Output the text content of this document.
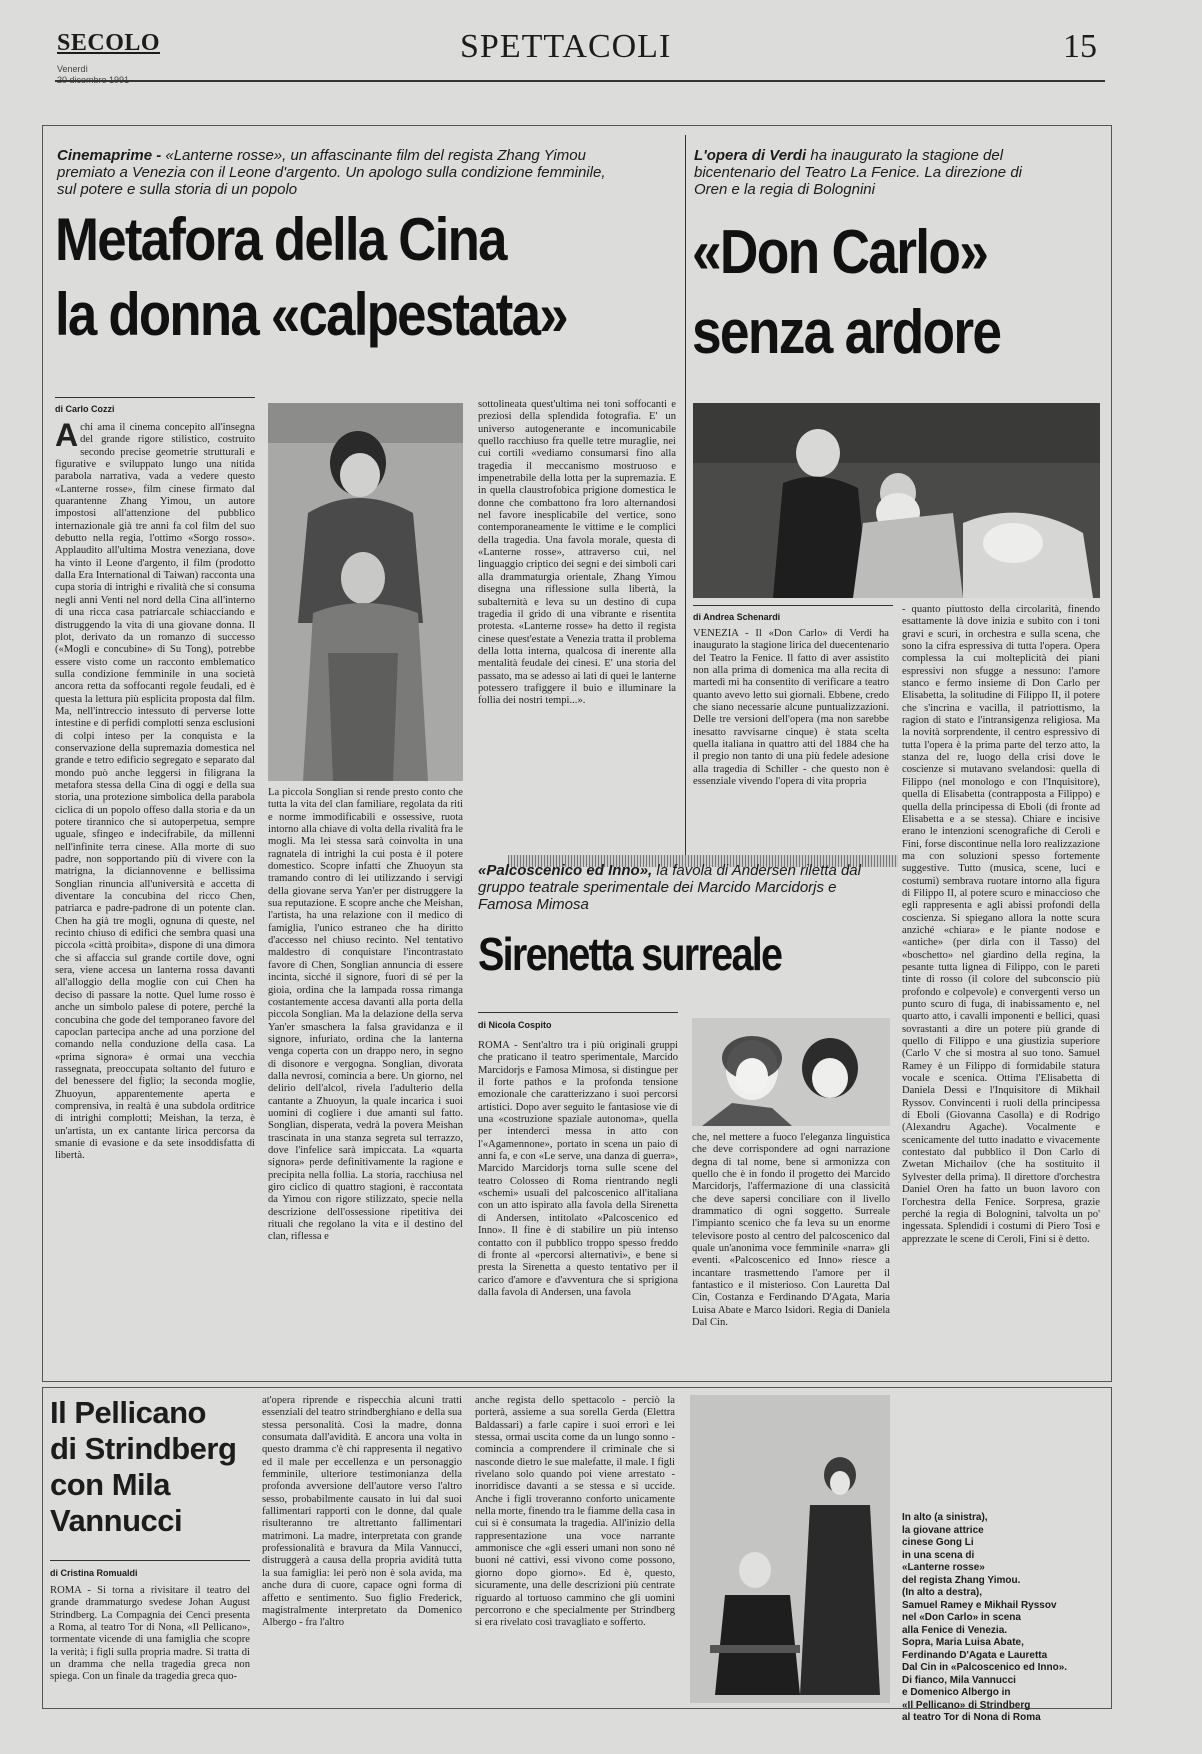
SECOLO
Venerdì
SPETTACOLI	15
Cinemaprime - «Lanterne rosse», un affascinante film del regista Zhang Yimou premiato a Venezia con il Leone d'argento. Un apologo sulla condizione femminile, sul potere e sulla storia di un popolo
Metafora della Cina
la donna «calpestata»
di Carlo Cozzi
A chi ama il cinema concepito all'insegna del grande rigore stilistico, costruito secondo precise geometrie strutturali e figurative e sviluppato lungo una nitida parabola narrativa, vada a vedere questo «Lanterne rosse», film cinese firmato dal quarantenne Zhang Yimou, un autore impostosi all'attenzione del pubblico internazionale già tre anni fa col film del suo debutto nella regia, l'ottimo «Sorgo rosso». Applaudito all'ultima Mostra veneziana, dove ha vinto il Leone d'argento, il film (prodotto dalla Era International di Taiwan) racconta una cupa storia di intrighi e rivalità che si consuma negli anni Venti nel nord della Cina all'interno di una ricca casa patriarcale schiacciando e distruggendo la vita di una giovane donna. Il plot, derivato da un romanzo di successo («Mogli e concubine» di Su Tong), potrebbe essere visto come un racconto emblematico sulla condizione femminile in una società ancora retta da soffocanti regole feudali, ed è questa la lettura più esplicita proposta dal film. Ma, nell'intreccio intessuto di perverse lotte intestine e di perfidi complotti senza esclusioni di colpi inteso per la conquista e la conservazione della supremazia domestica nel grande e tetro edificio segregato e separato dal mondo può anche leggersi in filigrana la metafora stessa della Cina di oggi e della sua storia, una protezione simbolica della parabola ciclica di un popolo offeso dalla storia e da un potere tirannico che si autoperpetua, sempre uguale, sfingeo e indecifrabile, da millenni nell'infinite terra cinese. Alla morte di suo padre, non sopportando più di vivere con la matrigna, la diciannovenne e bellissima Songlian rinuncia all'università e accetta di diventare la concubina del ricco Chen, patriarca e padre-padrone di un potente clan. Chen ha già tre mogli, ognuna di queste, nel recinto chiuso di edifici che sembra quasi una piccola «città proibita», dispone di una dimora che si affaccia sul grande cortile dove, ogni sera, viene accesa un lanterna rossa davanti all'alloggio della moglie con cui Chen ha deciso di passare la notte. Quel lume rosso è anche un simbolo palese di potere, perché la concubina che gode del temporaneo favore del capoclan partecipa anche ad una porzione del comando nella conduzione della casa. La «prima signora» è ormai una vecchia rassegnata, preoccupata soltanto del futuro e del benessere del figlio; la seconda moglie, Zhuoyun, apparentemente aperta e comprensiva, in realtà è una subdola orditrice di intrighi complotti; Meishan, la terza, è un'artista, un ex cantante lirica percorsa da smanie di evasione e da sete insoddisfatta di libertà.
La piccola Songlian si rende presto conto che tutta la vita del clan familiare, regolata da riti e norme immodificabili e ossessive, ruota intorno alla chiave di volta della rivalità fra le mogli. Ma lei stessa sarà coinvolta in una ragnatela di intrighi la cui posta è il potere domestico. Scopre infatti che Zhuoyun sta tramando contro di lei utilizzando i servigi della giovane serva Yan'er per distruggere la sua reputazione. E scopre anche che Meishan, l'artista, ha una relazione con il medico di famiglia, l'unico estraneo che ha diritto d'accesso nel chiuso recinto. Nel tentativo maldestro di conquistare l'incontrastato favore di Chen, Songlian annuncia di essere incinta, sicché il signore, fuori di sé per la gioia, ordina che la lampada rossa rimanga costantemente accesa davanti alla porta della piccola Songlian. Ma la delazione della serva Yan'er smaschera la falsa gravidanza e il signore, infuriato, ordina che la lanterna venga coperta con un drappo nero, in segno di disonore e vergogna. Songlian, divorata dalla nevrosi, comincia a bere. Un giorno, nel delirio dell'alcol, rivela l'adulterio della cantante a Zhuoyun, la quale incarica i suoi uomini di coglierе i due amanti sul fatto. Songlian, disperata, vedrà la povera Meishan trascinata in una stanza segreta sul terrazzo, dove l'infelice sarà impiccata. La «quarta signora» perde definitivamente la ragione e precipita nella follia. La storia, racchiusa nel giro ciclico di quattro stagioni, è raccontata da Yimou con rigore stilizzato, specie nella descrizione dell'ossessione ripetitiva dei rituali che regolano la vita e il destino del clan, riflessa e
sottolineata quest'ultima nei toni soffocanti e preziosi della splendida fotografia. E' un universo autogenerante e incomunicabile quello racchiuso fra quelle tetre muraglie, nei cui cortili «vediamo consumarsi fino alla tragedia il meccanismo mostruoso e impenetrabile della lotta per la supremazia. E in quella claustrofobica prigione domestica le donne che combattono fra loro alternandosi nel favore inesplicabile del vertice, sono contemporaneamente le vittime e le complici della tragedia. Una favola morale, questa di «Lanterne rosse», attraverso cui, nel linguaggio criptico dei segni e dei simboli cari alla drammaturgia orientale, Zhang Yimou disegna una riflessione sulla libertà, la subalternità e leva su un destino di cupa tragedia il grido di una vibrante e risentita protesta. «Lanterne rosse» ha detto il regista cinese quest'estate a Venezia tratta il problema della lotta interna, qualcosa di inerente alla mentalità feudale dei cinesi. E' una storia del passato, ma se adesso ai lati di quei le lanterne potessero trafiggere il buio e illuminare la follia dei nostri tempi...».
L'opera di Verdi ha inaugurato la stagione del bicentenario del Teatro La Fenice. La direzione di Oren e la regia di Bolognini
«Don Carlo»
senza ardore
di Andrea Schenardi
VENEZIA - Il «Don Carlo» di Verdi ha inaugurato la stagione lirica del duecentenario del Teatro la Fenice. Il fatto di aver assistito non alla prima di domenica ma alla recita di martedì mi ha consentito di verificare a teatro quanto avevo letto sui giornali. Ebbene, credo che siano necessarie alcune puntualizzazioni. Delle tre versioni dell'opera (ma non sarebbe inesatto ravvisarne cinque) è stata scelta quella italiana in quattro atti del 1884 che ha il pregio non tanto di una più fedele adesione alla tragedia di Schiller - che questo non è essenziale vivendo l'opera di vita propria
- quanto piuttosto della circolarità, finendo esattamente là dove inizia e subito con i toni gravi e scuri, in orchestra e sulla scena, che sono la cifra espressiva di tutta l'opera. Opera complessa la cui molteplicità dei piani espressivi non sfugge a nessuno: l'amore stanco e fermo insieme di Don Carlo per Elisabetta, la solitudine di Filippo II, il potere che s'incrina e vacilla, il patriottismo, la ragion di stato e l'intransigenza religiosa. Ma la novità sorprendente, il centro espressivo di tutta l'opera è la prima parte del terzo atto, la stanza del re, luogo della crisi dove le coscienze si mutavano svelandosi: quella di Filippo (nel monologo e con l'Inquisitore), quella di Elisabetta (contrapposta a Filippo) e quella della principessa di Eboli (di fronte ad Elisabetta e a se stessa). Chiare e incisive erano le intenzioni scenografiche di Ceroli e Fini, forse discontinue nella loro realizzazione ma con soluzioni spesso fortemente suggestive. Tutto (musica, scene, luci e costumi) sembrava ruotare intorno alla figura di Filippo II, al potere scuro e minaccioso che egli rappresenta e agli abissi profondi della coscienza. Si spiegano allora la notte scura anziché «chiara» e le piante nodose e «antiche» (per dirla con il Tasso) del «boschetto» nel giardino della regina, la pesante tutta lignea di Filippo, con le pareti tinte di rosso (il colore del subconscio più profondo e colpevole) e convergenti verso un punto scuro di fuga, di inabissamento e, nel quarto atto, i cavalli imponenti e bellici, quasi sovrastanti a dire un potere più grande di quello di Filippo e una giustizia superiore (Carlo V che si mostra al suo tono. Samuel Ramey è un Filippo di formidabile statura vocale e scenica. Ottima l'Elisabetta di Daniela Dessì e l'Inquisitore di Mikhail Ryssov. Convincenti i ruoli della principessa di Eboli (Giovanna Casolla) e di Rodrigo (Alexandru Agache). Vocalmente e scenicamente del tutto inadatto e vivacemente contestato dal pubblico il Don Carlo di Zwetan Michailov (che ha sostituito il Sylvester della prima). Il direttore d'orchestra Daniel Oren ha fatto un buon lavoro con l'orchestra della Fenice. Sorpresa, grazie perché la regia di Bolognini, talvolta un po' ingessata. Splendidi i costumi di Piero Tosi e apprezzate le scene di Ceroli, Fini si è detto.
«Palcoscenico ed Inno», la favola di Andersen riletta dal gruppo teatrale sperimentale dei Marcido Marcidorjs e Famosa Mimosa
Sirenetta surreale
di Nicola Cospito
ROMA - Sent'altro tra i più originali gruppi che praticano il teatro sperimentale, Marcido Marcidorjs e Famosa Mimosa, si distingue per il forte pathos e la profonda tensione emozionale che caratterizzano i suoi percorsi artistici. Dopo aver seguito le fantasiose vie di una «costruzione spaziale autonoma», quella per intenderci messa in atto con l'«Agamennone», portato in scena un paio di anni fa, e con «Le serve, una danza di guerra», Marcido Marcidorjs torna sulle scene del teatro Colosseo di Roma rientrando negli «schemi» usuali del palcoscenico all'italiana con un atto ispirato alla favola della Sirenetta di Andersen, intitolato «Palcoscenico ed Inno». Il fine è di stabilire un più intenso contatto con il pubblico troppo spesso freddo di fronte al «percorsi alternativi», e bene si presta la Sirenetta a questo tentativo per il carico d'amore e d'avventura che si sprigiona dalla favola di Andersen, una favola
che, nel mettere a fuoco l'eleganza linguistica che deve corrispondere ad ogni narrazione degna di tal nome, bene si armonizza con quello che è in fondo il progetto dei Marcido Marcidorjs, l'affermazione di una classicità che deve sapersi conciliare con il livello drammatico di ogni soggetto. Surreale l'impianto scenico che fa leva su un enorme televisore posto al centro del palcoscenico dal quale un'anonima voce femminile «narra» gli eventi. «Palcoscenico ed Inno» riesce a incantare trasmettendo l'amore per il fantastico e il misterioso. Con Lauretta Dal Cin, Costanza e Ferdinando D'Agata, Maria Luisa Abate e Marco Isidori. Regia di Daniela Dal Cin.
Il Pellicano
di Strindberg
con Mila
Vannucci
di Cristina Romualdi
ROMA - Si torna a rivisitare il teatro del grande drammaturgo svedese Johan August Strindberg. La Compagnia dei Cenci presenta a Roma, al teatro Tor di Nona, «Il Pellicano», tormentate vicende di una famiglia che scopre la verità; i figli sulla propria madre. Si tratta di un dramma che nella tragedia greca non spiega. Con un finale da tragedia greca quo-
at'opera riprende e rispecchia alcuni tratti essenziali del teatro strindberghiano e della sua stessa personalità. Così la madre, donna consumata dall'avidità. E ancora una volta in questo dramma c'è chi rappresenta il negativo ed il male per eccellenza e un personaggio femminile, ulteriore testimonianza della profonda avversione dell'autore verso l'altro sesso, probabilmente causato in lui dal suoi fallimentari rapporti con le donne, dal quale risulteranno tre altrettanto fallimentari matrimoni. La madre, interpretata con grande professionalità e bravura da Mila Vannucci, distruggerà a causa della propria avidità tutta la sua famiglia: lei però non è sola avida, ma anche dura di cuore, capace ogni forma di affetto e sentimento. Suo figlio Frederick, magistralmente interpretato da Domenico Albergo - fra l'altro
anche regista dello spettacolo - perciò la porterà, assieme a sua sorella Gerda (Elettra Baldassari) a farle capire i suoi errori e lei stessa, ormai uscita come da un lungo sonno - comincia a comprendere il criminale che si nasconde dietro le sue malefatte, il male. I figli rivelano solo quando poi viene arrestato - inorridisce davanti a se stessa e si uccide. Anche i figli troveranno conforto unicamente nella morte, finendo tra le fiamme della casa in cui si è consumata la tragedia. All'inizio della rappresentazione una voce narrante ammonisce che «gli esseri umani non sono né buoni né cattivi, essi vivono come possono, giorno dopo giorno». Ed è, questo, sicuramente, una delle descrizioni più centrate riguardo al tortuoso cammino che gli uomini percorrono e che specialmente per Strindberg si era rivelato così travagliato e sofferto.
In alto (a sinistra),
la giovane attrice
cinese Gong Li
in una scena di
«Lanterne rosse»
del regista Zhang Yimou.
(In alto a destra),
Samuel Ramey e Mikhail Ryssov
nel «Don Carlo» in scena
alla Fenice di Venezia.
Sopra, Maria Luisa Abate,
Ferdinando D'Agata e Lauretta
Dal Cin in «Palcoscenico ed Inno».
Di fianco, Mila Vannucci
e Domenico Albergo in
«Il Pellicano» di Strindberg
al teatro Tor di Nona di Roma
